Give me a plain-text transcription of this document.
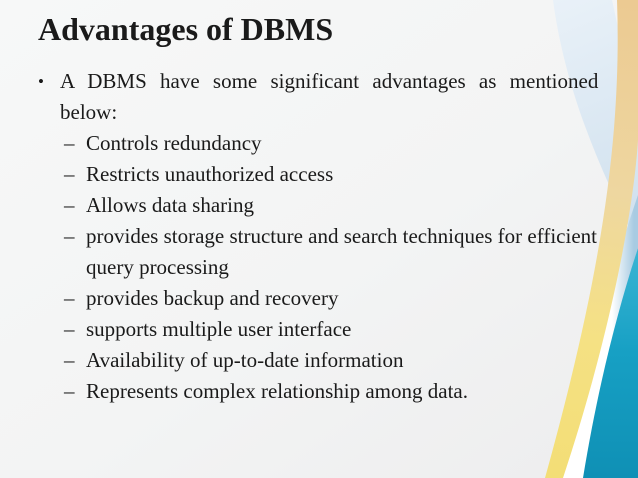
Advantages of DBMS
• A DBMS have some significant advantages as mentioned
below:
– Controls redundancy
– Restricts unauthorized access
– Allows data sharing
– provides storage structure and search techniques for efficient query processing
– provides backup and recovery
– supports multiple user interface
– Availability of up-to-date information
– Represents complex relationship among data.
